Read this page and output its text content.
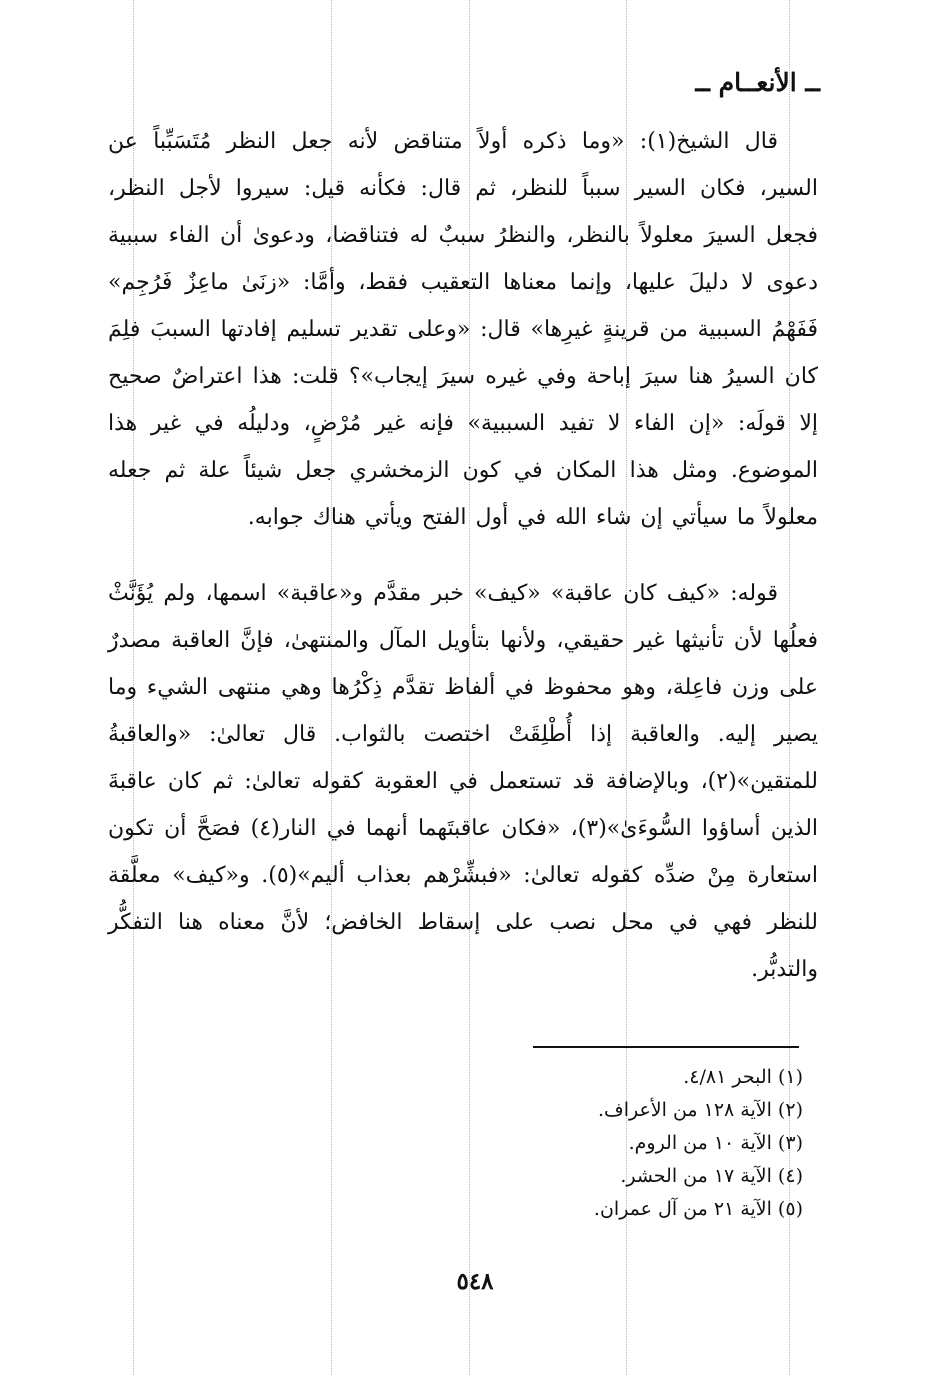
ــ الأنعــام ــ

قال الشيخ(١): «وما ذكره أولاً متناقض لأنه جعل النظر مُتَسَبِّباً عن السير، فكان السير سبباً للنظر، ثم قال: فكأنه قيل: سيروا لأجل النظر، فجعل السيرَ معلولاً بالنظر، والنظرُ سببٌ له فتناقضا، ودعوىٰ أن الفاء سببية دعوى لا دليلَ عليها، وإنما معناها التعقيب فقط، وأمَّا: «زنَىٰ ماعِزٌ فَرُجِم» فَفَهْمُ السببية من قرينةٍ غيرِها» قال: «وعلى تقدير تسليم إفادتها السببَ فلِمَ كان السيرُ هنا سيرَ إباحة وفي غيره سيرَ إيجاب»؟ قلت: هذا اعتراضٌ صحيح إلا قولَه: «إن الفاء لا تفيد السببية» فإنه غير مُرْضٍ، ودليلُه في غير هذا الموضوع. ومثل هذا المكان في كون الزمخشري جعل شيئاً علة ثم جعله معلولاً ما سيأتي إن شاء الله في أول الفتح ويأتي هناك جوابه.

قوله: «كيف كان عاقبة» «كيف» خبر مقدَّم و«عاقبة» اسمها، ولم يُؤَنَّثْ فعلُها لأن تأنيثها غير حقيقي، ولأنها بتأويل المآل والمنتهىٰ، فإنَّ العاقبة مصدرٌ على وزن فاعِلة، وهو محفوظ في ألفاظ تقدَّم ذِكْرُها وهي منتهى الشيء وما يصير إليه. والعاقبة إذا أُطْلِقَتْ اختصت بالثواب. قال تعالىٰ: «والعاقبةُ للمتقين»(٢)، وبالإضافة قد تستعمل في العقوبة كقوله تعالىٰ: ثم كان عاقبةَ الذين أساؤوا السُّوءَىٰ»(٣)، «فكان عاقبتَهما أنهما في النار(٤) فصَحَّ أن تكون استعارة مِنْ ضدِّه كقوله تعالىٰ: «فبشِّرْهم بعذاب أليم»(٥). و«كيف» معلَّقة للنظر فهي في محل نصب على إسقاط الخافض؛ لأنَّ معناه هنا التفكُّر والتدبُّر.

(١) البحر ٤/٨١.
(٢) الآية ١٢٨ من الأعراف.
(٣) الآية ١٠ من الروم.
(٤) الآية ١٧ من الحشر.
(٥) الآية ٢١ من آل عمران.
٥٤٨
